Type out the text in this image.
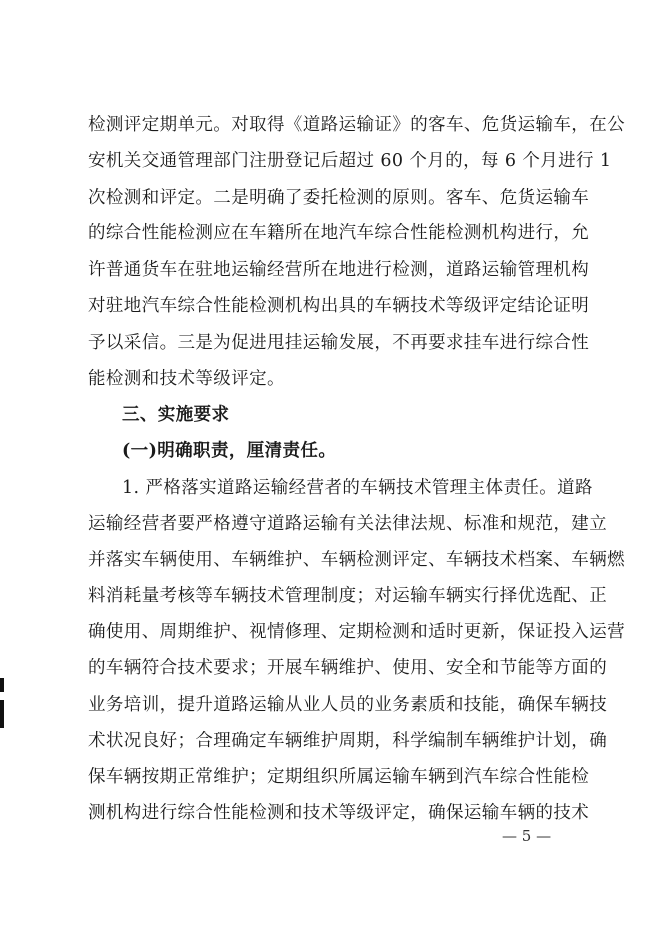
检测评定期单元。对取得《道路运输证》的客车、危货运输车，在公
安机关交通管理部门注册登记后超过 60 个月的，每 6 个月进行 1
次检测和评定。二是明确了委托检测的原则。客车、危货运输车
的综合性能检测应在车籍所在地汽车综合性能检测机构进行，允
许普通货车在驻地运输经营所在地进行检测，道路运输管理机构
对驻地汽车综合性能检测机构出具的车辆技术等级评定结论证明
予以采信。三是为促进甩挂运输发展，不再要求挂车进行综合性
能检测和技术等级评定。
三、实施要求
(一)明确职责，厘清责任。
1. 严格落实道路运输经营者的车辆技术管理主体责任。道路
运输经营者要严格遵守道路运输有关法律法规、标准和规范，建立
并落实车辆使用、车辆维护、车辆检测评定、车辆技术档案、车辆燃
料消耗量考核等车辆技术管理制度；对运输车辆实行择优选配、正
确使用、周期维护、视情修理、定期检测和适时更新，保证投入运营
的车辆符合技术要求；开展车辆维护、使用、安全和节能等方面的
业务培训，提升道路运输从业人员的业务素质和技能，确保车辆技
术状况良好；合理确定车辆维护周期，科学编制车辆维护计划，确
保车辆按期正常维护；定期组织所属运输车辆到汽车综合性能检
测机构进行综合性能检测和技术等级评定，确保运输车辆的技术
— 5 —
